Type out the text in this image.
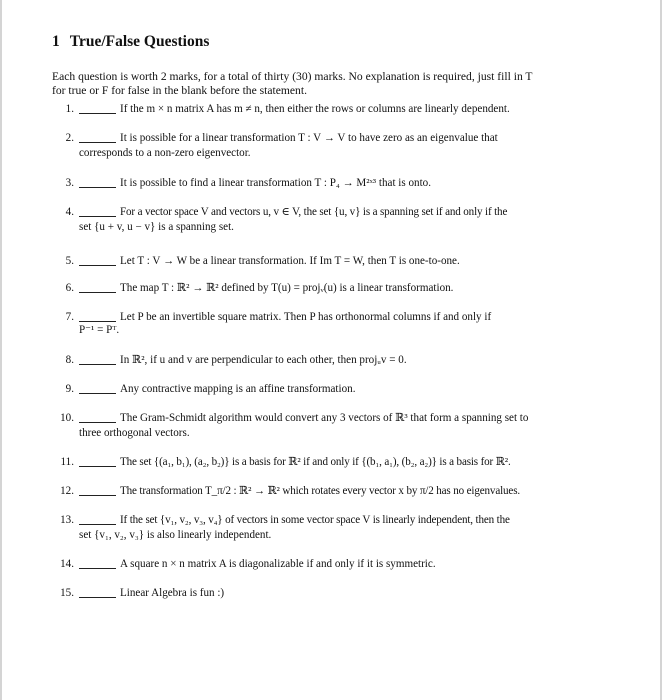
1 True/False Questions
Each question is worth 2 marks, for a total of thirty (30) marks. No explanation is required, just fill in T
for true or F for false in the blank before the statement.
1.	If the m × n matrix A has m ≠ n, then either the rows or columns are linearly dependent.
2.	It is possible for a linear transformation T : V → V to have zero as an eigenvalue that
corresponds to a non-zero eigenvector.
3.	It is possible to find a linear transformation T : P₄ → M²ˣ³ that is onto.
4.	For a vector space V and vectors u, v ∈ V, the set {u, v} is a spanning set if and only if the
set {u + v, u − v} is a spanning set.
5.	Let T : V → W be a linear transformation. If Im T = W, then T is one-to-one.
6.	The map T : ℝ² → ℝ² defined by T(u) = projᵥ(u) is a linear transformation.
7.	Let P be an invertible square matrix. Then P has orthonormal columns if and only if
P⁻¹ = Pᵀ.
8.	In ℝ², if u and v are perpendicular to each other, then projᵤv = 0.
9.	Any contractive mapping is an affine transformation.
10.	The Gram-Schmidt algorithm would convert any 3 vectors of ℝ³ that form a spanning set to
three orthogonal vectors.
11.	The set {(a₁, b₁), (a₂, b₂)} is a basis for ℝ² if and only if {(b₁, a₁), (b₂, a₂)} is a basis for ℝ².
12.	The transformation T_π/2 : ℝ² → ℝ² which rotates every vector x by π/2 has no eigenvalues.
13.	If the set {v₁, v₂, v₃, v₄} of vectors in some vector space V is linearly independent, then the
set {v₁, v₂, v₃} is also linearly independent.
14.	A square n × n matrix A is diagonalizable if and only if it is symmetric.
15.	Linear Algebra is fun :)
